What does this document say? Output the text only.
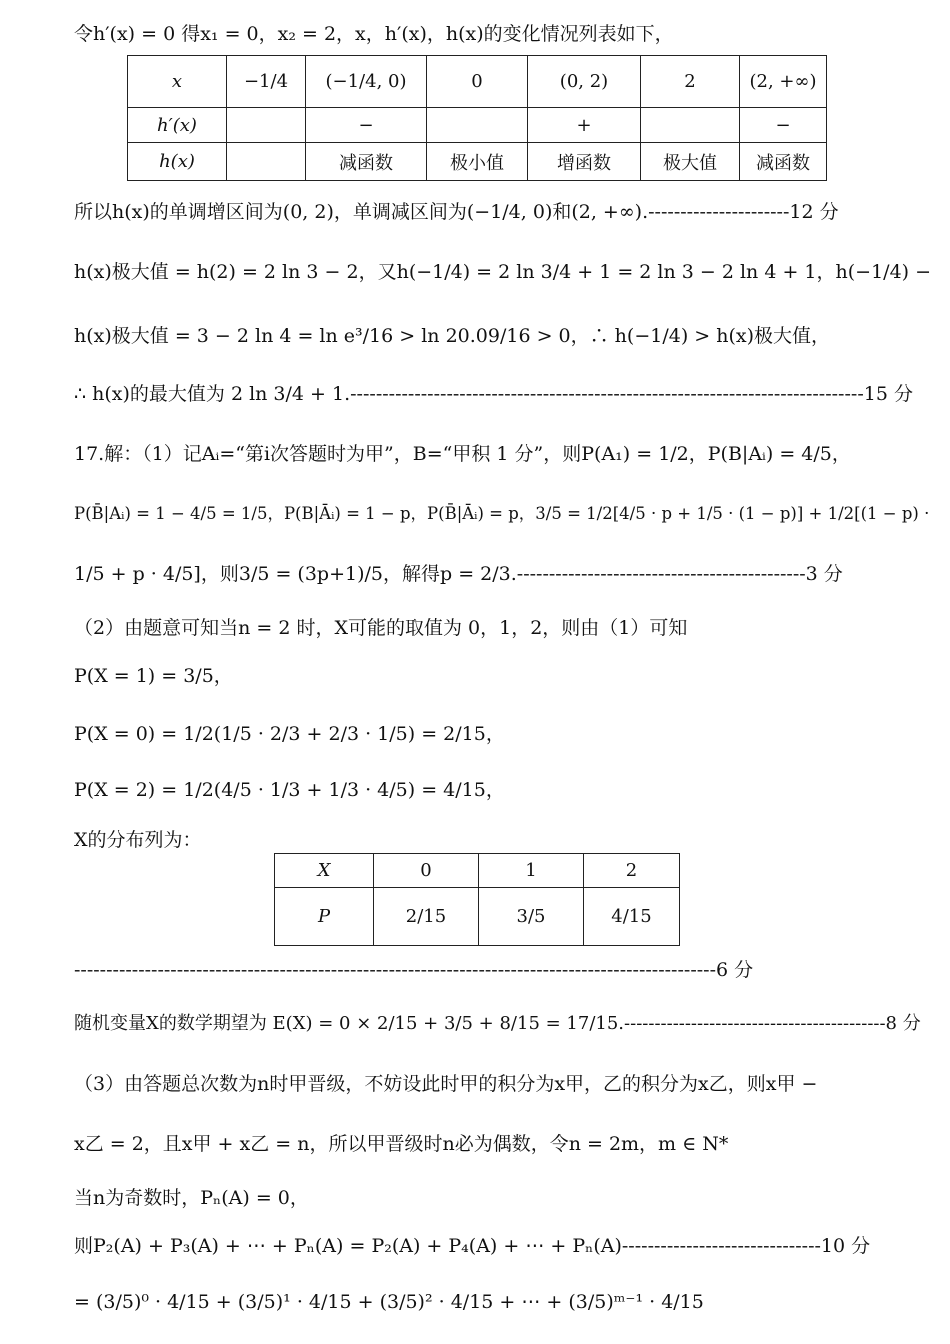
令h′(x) = 0 得x₁ = 0，x₂ = 2，x，h′(x)，h(x)的变化情况列表如下，
x	−1/4	(−1/4, 0)	0	(0, 2)	2	(2, +∞)
h′(x)		−		+		−
h(x)		减函数	极小值	增函数	极大值	减函数
所以h(x)的单调增区间为(0, 2)，单调减区间为(−1/4, 0)和(2, +∞).----------------------12 分
h(x)极大值 = h(2) = 2 ln 3 − 2，又h(−1/4) = 2 ln 3/4 + 1 = 2 ln 3 − 2 ln 4 + 1，h(−1/4) −
h(x)极大值 = 3 − 2 ln 4 = ln e³/16 > ln 20.09/16 > 0，∴ h(−1/4) > h(x)极大值，
∴ h(x)的最大值为 2 ln 3/4 + 1.--------------------------------------------------------------------------------15 分
17.解：（1）记Aᵢ=“第i次答题时为甲”，B=“甲积 1 分”，则P(A₁) = 1/2，P(B|Aᵢ) = 4/5，
P(B̄|Aᵢ) = 1 − 4/5 = 1/5，P(B|Āᵢ) = 1 − p，P(B̄|Āᵢ) = p，3/5 = 1/2[4/5 · p + 1/5 · (1 − p)] + 1/2[(1 − p) ·
1/5 + p · 4/5]，则3/5 = (3p+1)/5，解得p = 2/3.---------------------------------------------3 分
（2）由题意可知当n = 2 时，X可能的取值为 0，1，2，则由（1）可知
P(X = 1) = 3/5，
P(X = 0) = 1/2(1/5 · 2/3 + 2/3 · 1/5) = 2/15，
P(X = 2) = 1/2(4/5 · 1/3 + 1/3 · 4/5) = 4/15，
X的分布列为：
X	0	1	2
P	2/15	3/5	4/15
----------------------------------------------------------------------------------------------------6 分
随机变量X的数学期望为 E(X) = 0 × 2/15 + 3/5 + 8/15 = 17/15.-------------------------------------------8 分
（3）由答题总次数为n时甲晋级，不妨设此时甲的积分为x甲，乙的积分为x乙，则x甲 −
x乙 = 2，且x甲 + x乙 = n，所以甲晋级时n必为偶数，令n = 2m，m ∈ N*
当n为奇数时，Pₙ(A) = 0，
则P₂(A) + P₃(A) + ⋯ + Pₙ(A) = P₂(A) + P₄(A) + ⋯ + Pₙ(A)-------------------------------10 分
= (3/5)⁰ · 4/15 + (3/5)¹ · 4/15 + (3/5)² · 4/15 + ⋯ + (3/5)ᵐ⁻¹ · 4/15
